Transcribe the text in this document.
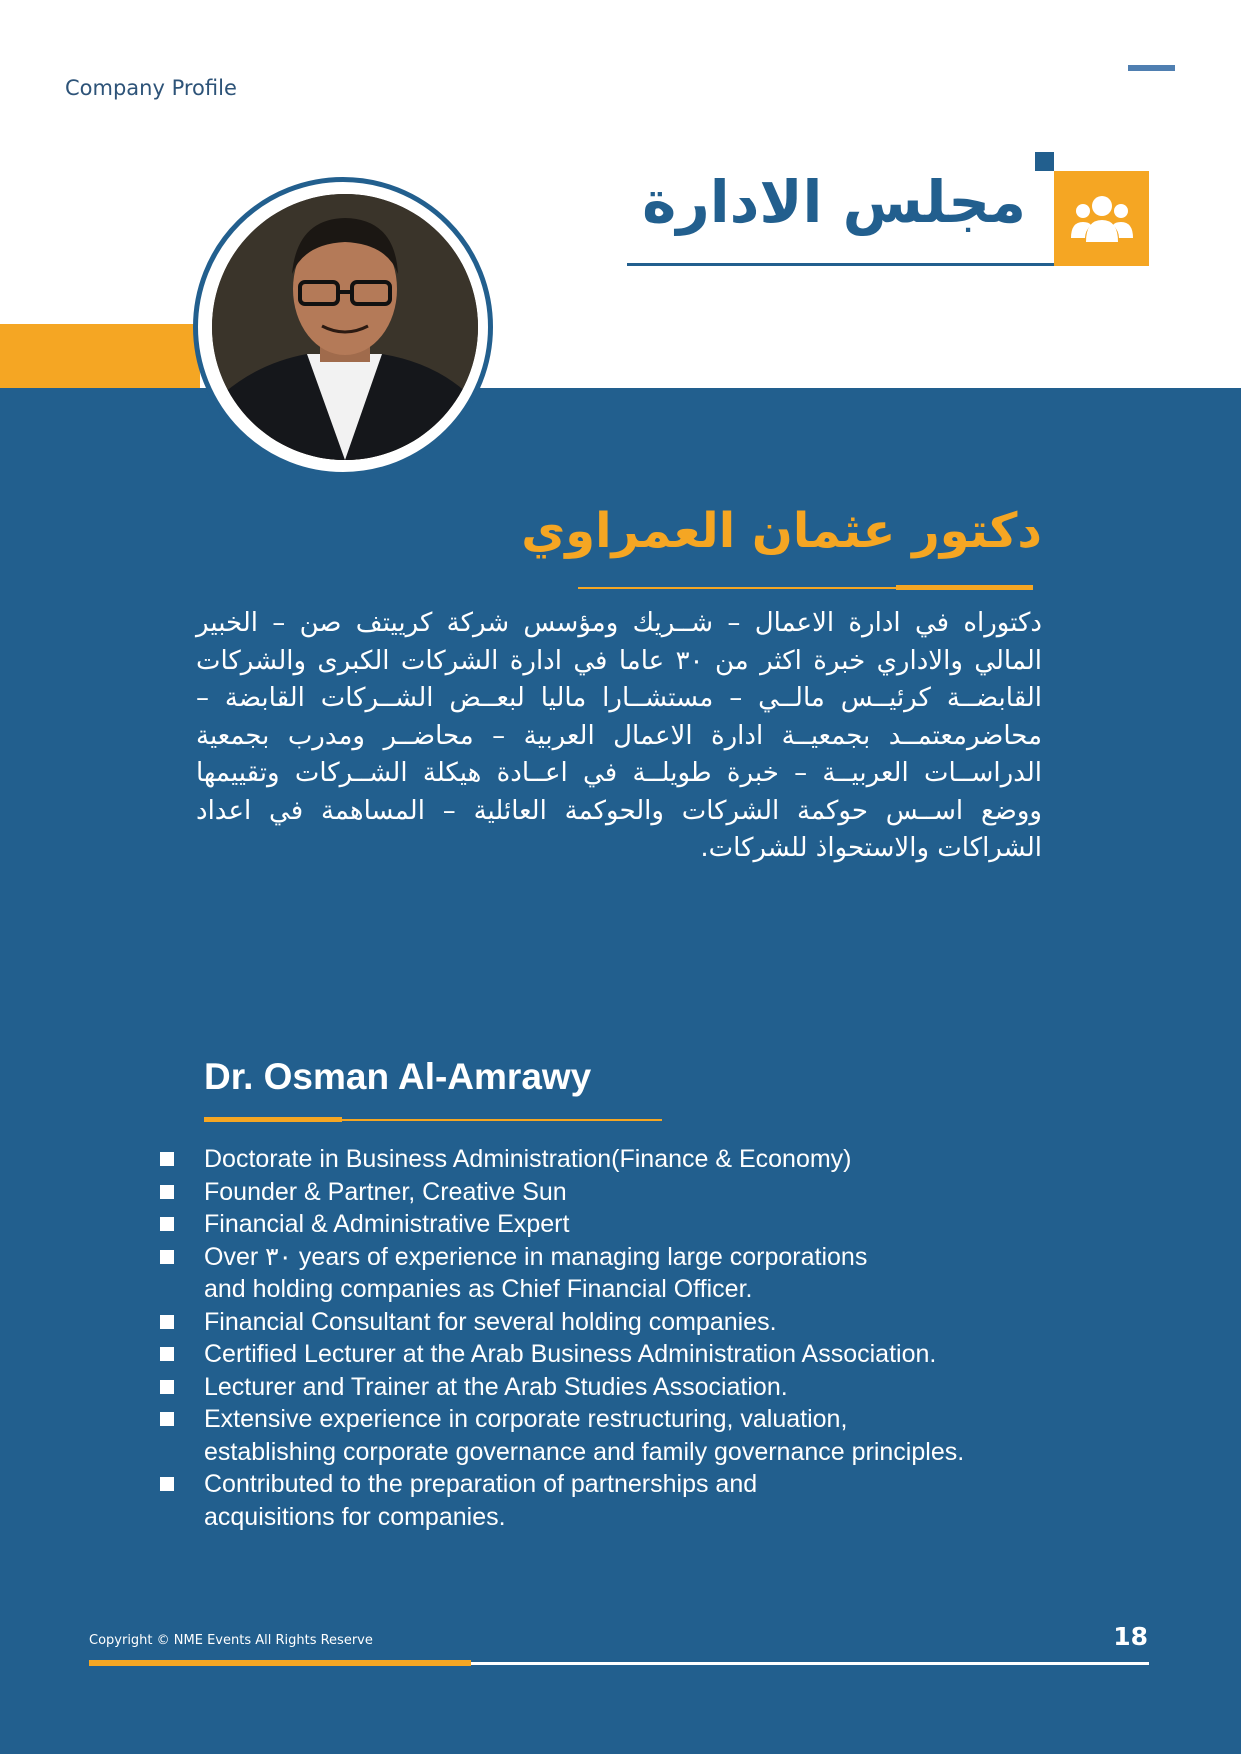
Company Profile
مجلس الادارة
دكتور عثمان العمراوي
دكتوراه في ادارة الاعمال – شــريك ومؤسس شركة كرييتف صن – الخبير المالي والاداري خبرة اكثر من ٣٠ عاما في ادارة الشركات الكبرى والشركات القابضــة كرئيــس مالــي – مستشــارا ماليا لبعــض الشــركات القابضة – محاضرمعتمــد بجمعيــة ادارة الاعمال العربية – محاضــر ومدرب بجمعية الدراســات العربيــة – خبرة طويلــة في اعــادة هيكلة الشــركات وتقييمها ووضع اســس حوكمة الشركات والحوكمة العائلية – المساهمة في اعداد الشراكات والاستحواذ للشركات.
Dr. Osman Al-Amrawy
Doctorate in Business Administration(Finance & Economy)
Founder & Partner, Creative Sun
Financial & Administrative Expert
Over ٣٠ years of experience in managing large corporations
and holding companies as Chief Financial Officer.
Financial Consultant for several holding companies.
Certified Lecturer at the Arab Business Administration Association.
Lecturer and Trainer at the Arab Studies Association.
Extensive experience in corporate restructuring, valuation,
establishing corporate governance and family governance principles.
Contributed to the preparation of partnerships and
acquisitions for companies.
Copyright © NME Events All Rights Reserve	18
